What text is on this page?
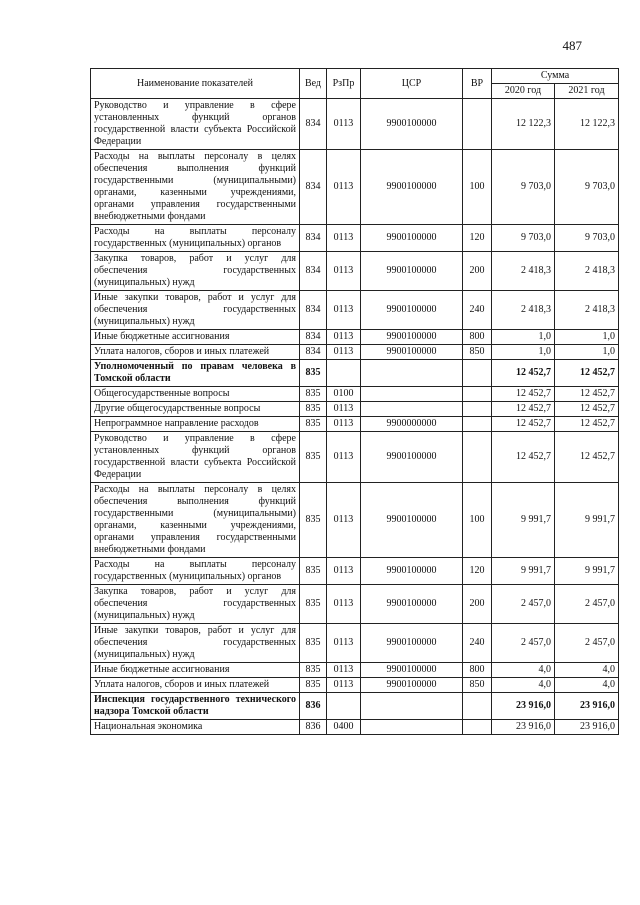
487
Наименование показателей	Вед	РзПр	ЦСР	ВР	Сумма	
					2020 год	2021 год
Руководство и управление в сфере установленных функций органов государственной власти субъекта Российской Федерации	834	0113	9900100000		12 122,3	12 122,3
Расходы на выплаты персоналу в целях обеспечения выполнения функций государственными (муниципальными) органами, казенными учреждениями, органами управления государственными внебюджетными фондами	834	0113	9900100000	100	9 703,0	9 703,0
Расходы на выплаты персоналу государственных (муниципальных) органов	834	0113	9900100000	120	9 703,0	9 703,0
Закупка товаров, работ и услуг для обеспечения государственных (муниципальных) нужд	834	0113	9900100000	200	2 418,3	2 418,3
Иные закупки товаров, работ и услуг для обеспечения государственных (муниципальных) нужд	834	0113	9900100000	240	2 418,3	2 418,3
Иные бюджетные ассигнования	834	0113	9900100000	800	1,0	1,0
Уплата налогов, сборов и иных платежей	834	0113	9900100000	850	1,0	1,0
Уполномоченный по правам человека в Томской области	835				12 452,7	12 452,7
Общегосударственные вопросы	835	0100			12 452,7	12 452,7
Другие общегосударственные вопросы	835	0113			12 452,7	12 452,7
Непрограммное направление расходов	835	0113	9900000000		12 452,7	12 452,7
Руководство и управление в сфере установленных функций органов государственной власти субъекта Российской Федерации	835	0113	9900100000		12 452,7	12 452,7
Расходы на выплаты персоналу в целях обеспечения выполнения функций государственными (муниципальными) органами, казенными учреждениями, органами управления государственными внебюджетными фондами	835	0113	9900100000	100	9 991,7	9 991,7
Расходы на выплаты персоналу государственных (муниципальных) органов	835	0113	9900100000	120	9 991,7	9 991,7
Закупка товаров, работ и услуг для обеспечения государственных (муниципальных) нужд	835	0113	9900100000	200	2 457,0	2 457,0
Иные закупки товаров, работ и услуг для обеспечения государственных (муниципальных) нужд	835	0113	9900100000	240	2 457,0	2 457,0
Иные бюджетные ассигнования	835	0113	9900100000	800	4,0	4,0
Уплата налогов, сборов и иных платежей	835	0113	9900100000	850	4,0	4,0
Инспекция государственного технического надзора Томской области	836				23 916,0	23 916,0
Национальная экономика	836	0400			23 916,0	23 916,0
